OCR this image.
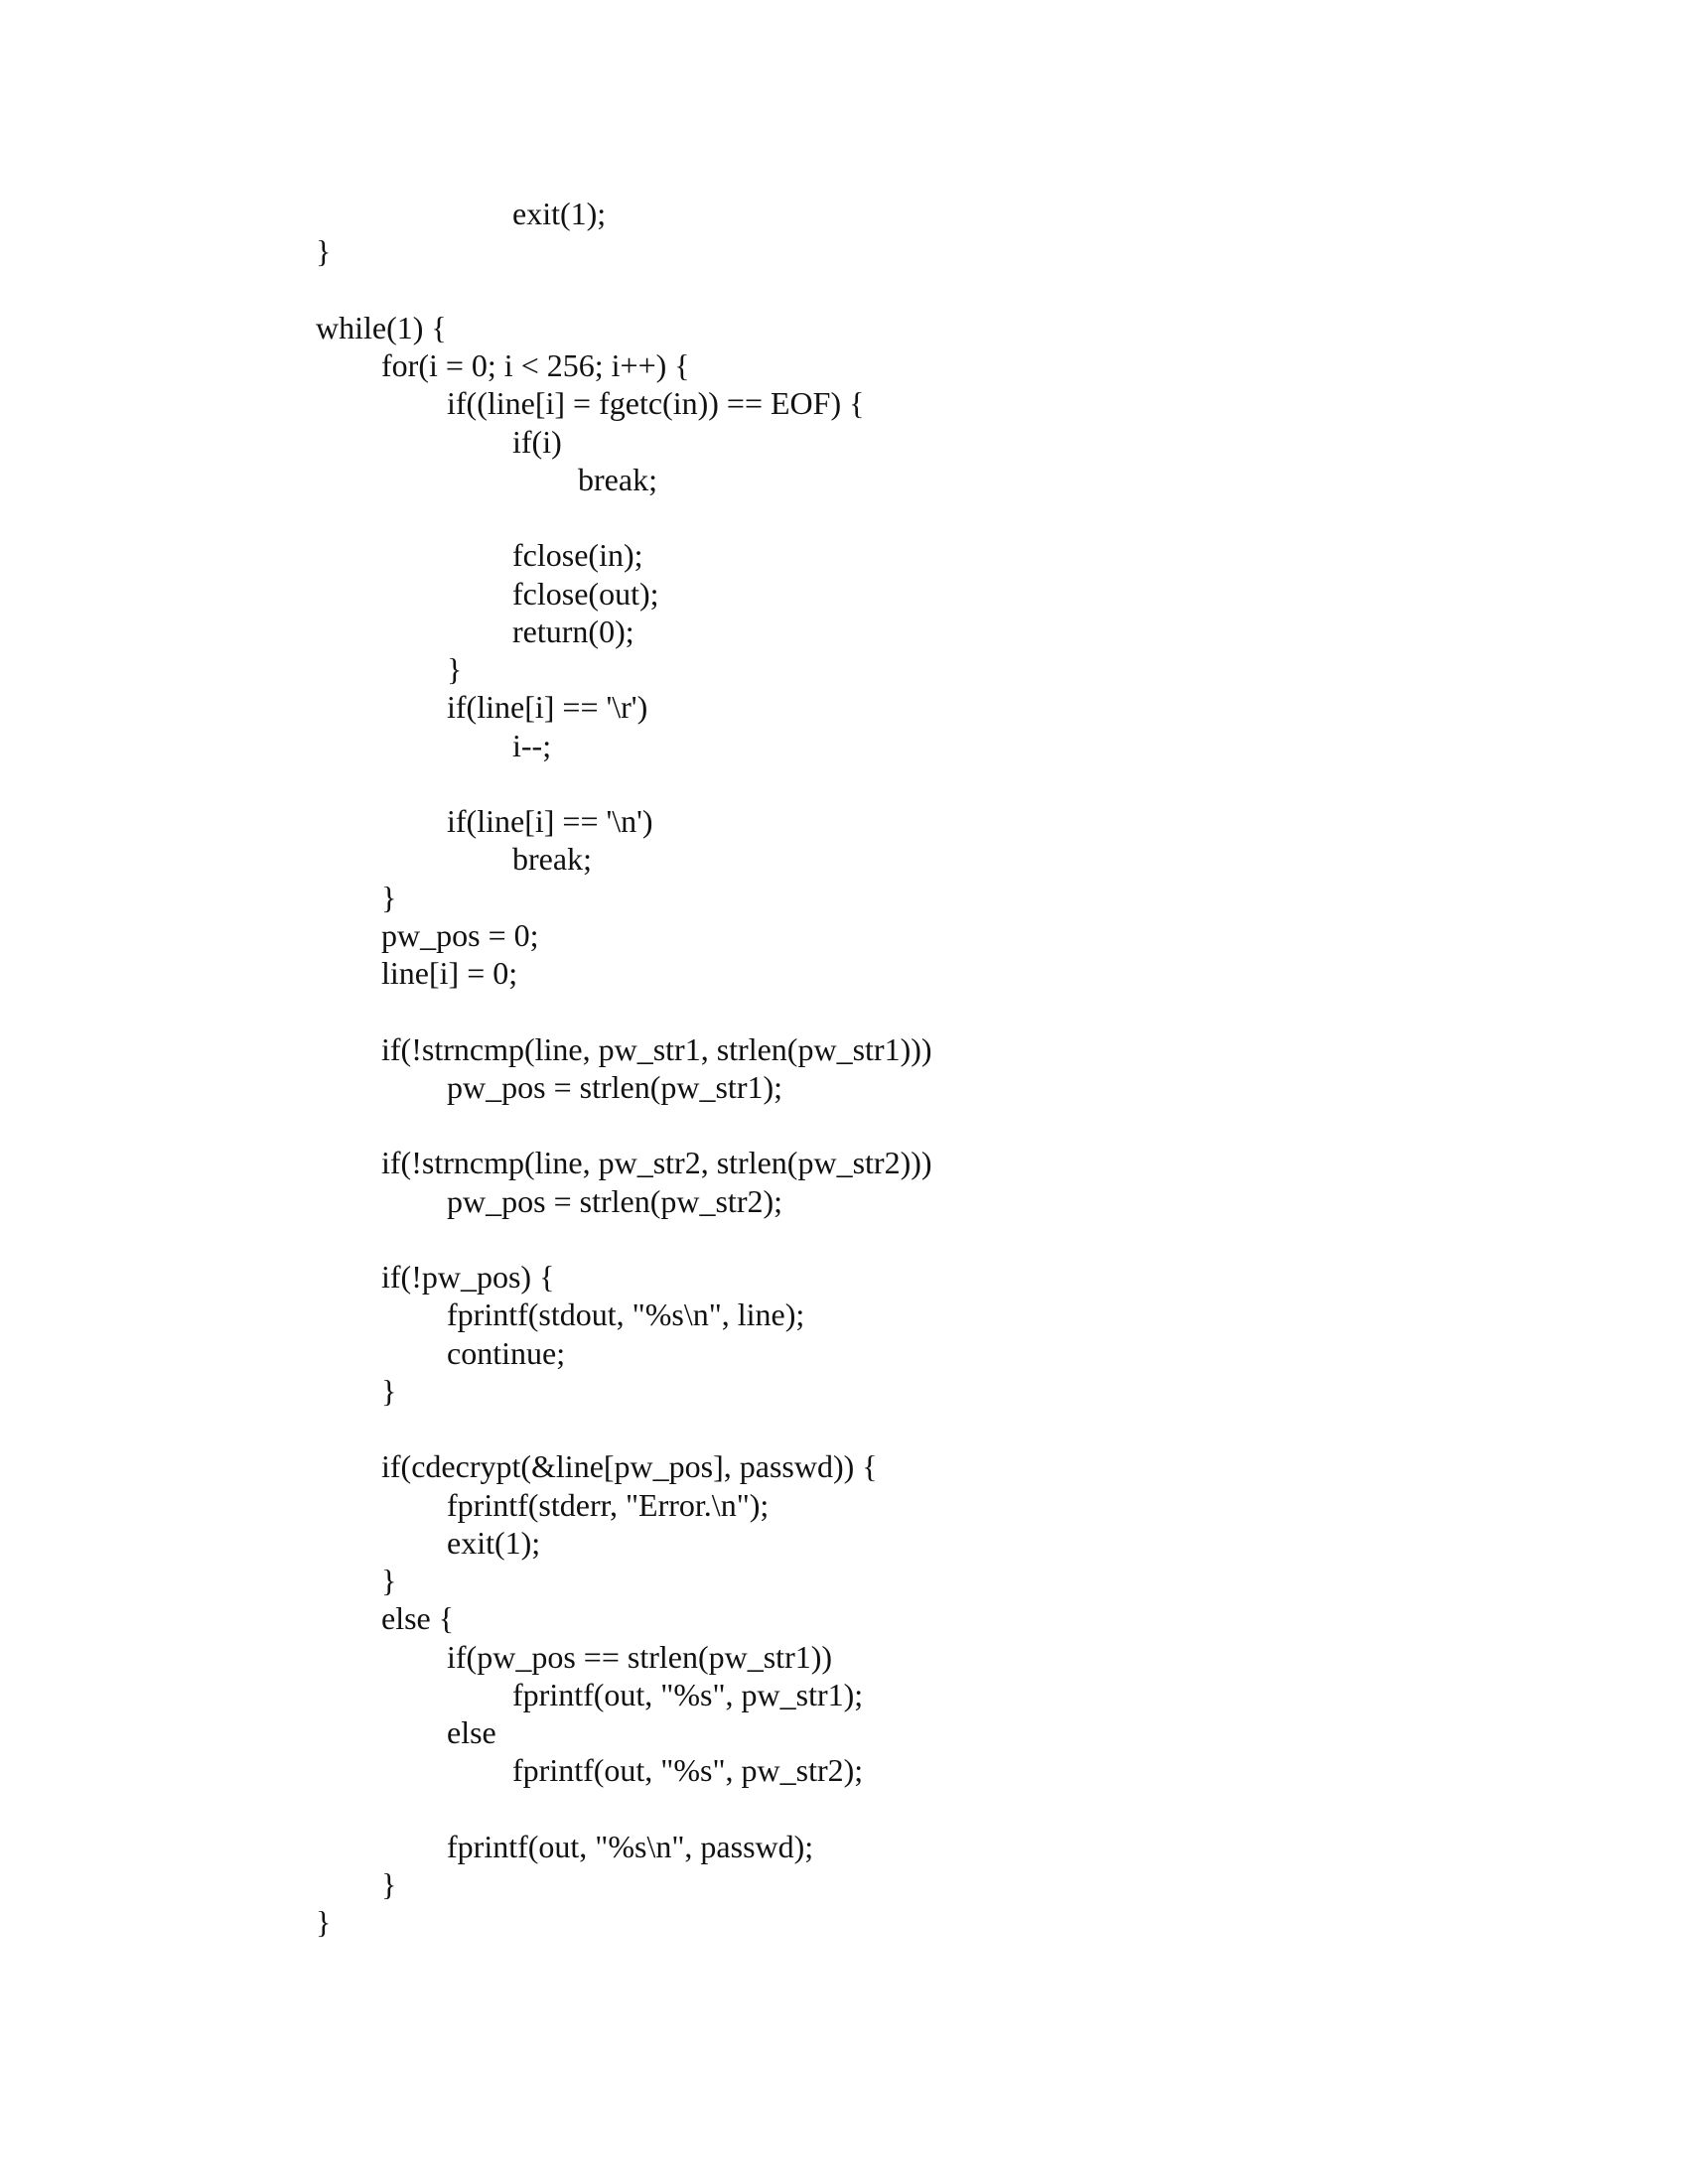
exit(1);
}
while(1) {
for(i = 0; i < 256; i++) {
if((line[i] = fgetc(in)) == EOF) {
if(i)
break;
fclose(in);
fclose(out);
return(0);
}
if(line[i] == '\r')
i--;
if(line[i] == '\n')
break;
}
pw_pos = 0;
line[i] = 0;
if(!strncmp(line, pw_str1, strlen(pw_str1)))
pw_pos = strlen(pw_str1);
if(!strncmp(line, pw_str2, strlen(pw_str2)))
pw_pos = strlen(pw_str2);
if(!pw_pos) {
fprintf(stdout, "%s\n", line);
continue;
}
if(cdecrypt(&line[pw_pos], passwd)) {
fprintf(stderr, "Error.\n");
exit(1);
}
else {
if(pw_pos == strlen(pw_str1))
fprintf(out, "%s", pw_str1);
else
fprintf(out, "%s", pw_str2);
fprintf(out, "%s\n", passwd);
}
}
